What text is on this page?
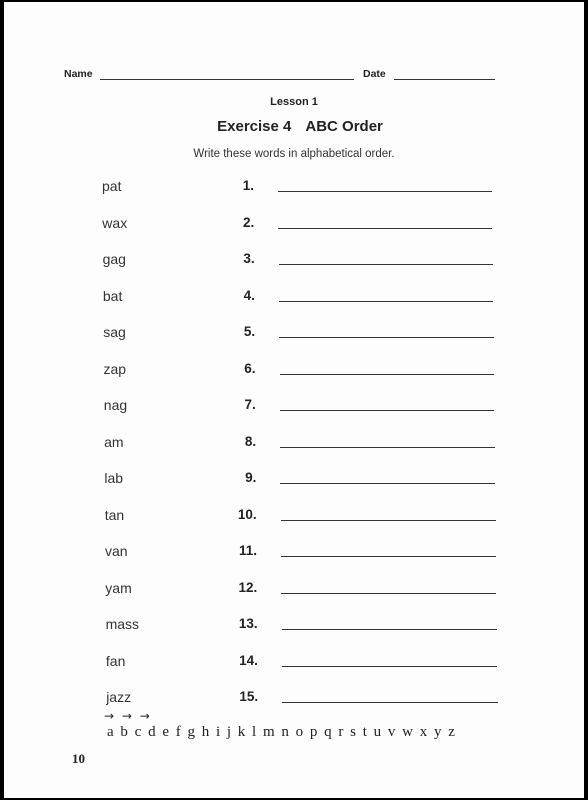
Name	Date
Lesson 1
Exercise 4 ABC Order
Write these words in alphabetical order.
pat	1.
wax	2.
gag	3.
bat	4.
sag	5.
zap	6.
nag	7.
am	8.
lab	9.
tan	10.
van	11.
yam	12.
mass	13.
fan	14.
jazz	15.
→ → →
a b c d e f g h i j k l m n o p q r s t u v w x y z
10
